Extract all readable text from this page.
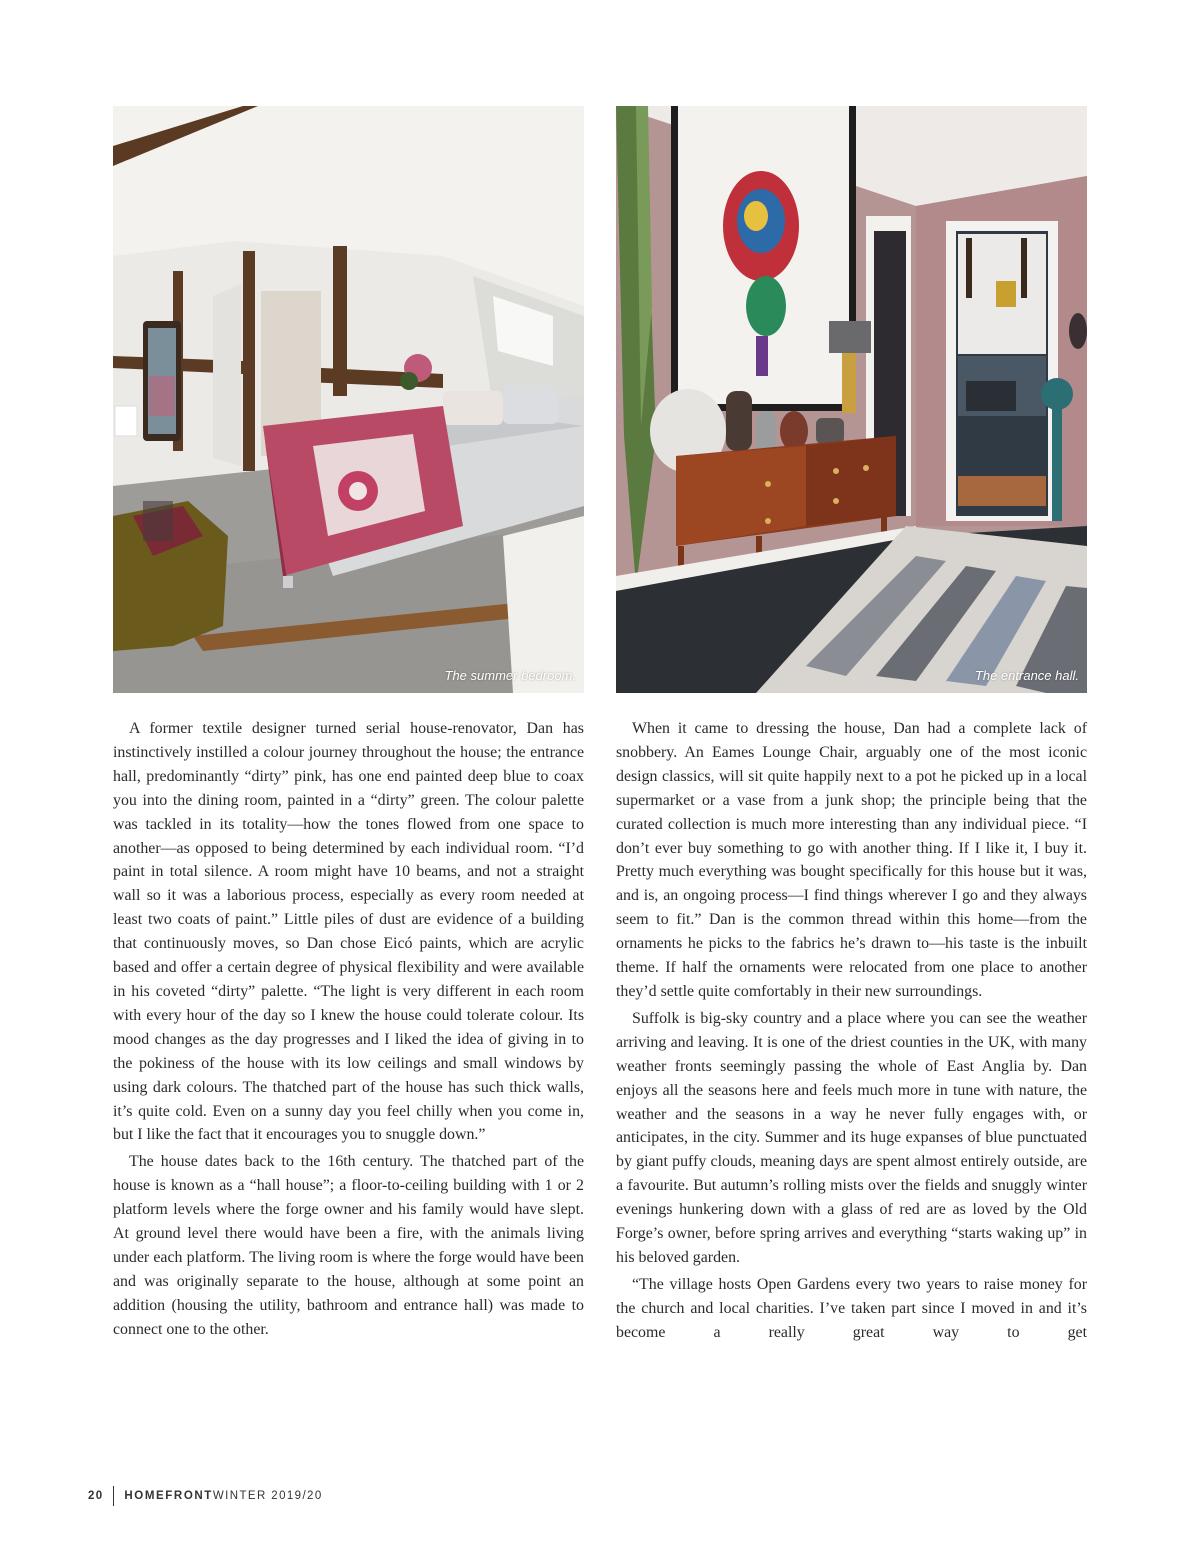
The summer bedroom.	The entrance hall.

A former textile designer turned serial house-renovator, Dan has instinctively instilled a colour journey throughout the house; the entrance hall, predominantly “dirty” pink, has one end painted deep blue to coax you into the dining room, painted in a “dirty” green. The colour palette was tackled in its totality—how the tones flowed from one space to another—as opposed to being determined by each individual room. “I’d paint in total silence. A room might have 10 beams, and not a straight wall so it was a laborious process, especially as every room needed at least two coats of paint.” Little piles of dust are evidence of a building that continuously moves, so Dan chose Eicó paints, which are acrylic based and offer a certain degree of physical flexibility and were available in his coveted “dirty” palette. “The light is very different in each room with every hour of the day so I knew the house could tolerate colour. Its mood changes as the day progresses and I liked the idea of giving in to the pokiness of the house with its low ceilings and small windows by using dark colours. The thatched part of the house has such thick walls, it’s quite cold. Even on a sunny day you feel chilly when you come in, but I like the fact that it encourages you to snuggle down.”

The house dates back to the 16th century. The thatched part of the house is known as a “hall house”; a floor-to-ceiling building with 1 or 2 platform levels where the forge owner and his family would have slept. At ground level there would have been a fire, with the animals living under each platform. The living room is where the forge would have been and was originally separate to the house, although at some point an addition (housing the utility, bathroom and entrance hall) was made to connect one to the other.

When it came to dressing the house, Dan had a complete lack of snobbery. An Eames Lounge Chair, arguably one of the most iconic design classics, will sit quite happily next to a pot he picked up in a local supermarket or a vase from a junk shop; the principle being that the curated collection is much more interesting than any individual piece. “I don’t ever buy something to go with another thing. If I like it, I buy it. Pretty much everything was bought specifically for this house but it was, and is, an ongoing process—I find things wherever I go and they always seem to fit.” Dan is the common thread within this home—from the ornaments he picks to the fabrics he’s drawn to—his taste is the inbuilt theme. If half the ornaments were relocated from one place to another they’d settle quite comfortably in their new surroundings.

Suffolk is big-sky country and a place where you can see the weather arriving and leaving. It is one of the driest counties in the UK, with many weather fronts seemingly passing the whole of East Anglia by. Dan enjoys all the seasons here and feels much more in tune with nature, the weather and the seasons in a way he never fully engages with, or anticipates, in the city. Summer and its huge expanses of blue punctuated by giant puffy clouds, meaning days are spent almost entirely outside, are a favourite. But autumn’s rolling mists over the fields and snuggly winter evenings hunkering down with a glass of red are as loved by the Old Forge’s owner, before spring arrives and everything “starts waking up” in his beloved garden.

“The village hosts Open Gardens every two years to raise money for the church and local charities. I’ve taken part since I moved in and it’s become a really great way to get

20 HOMEFRONT WINTER 2019/20
